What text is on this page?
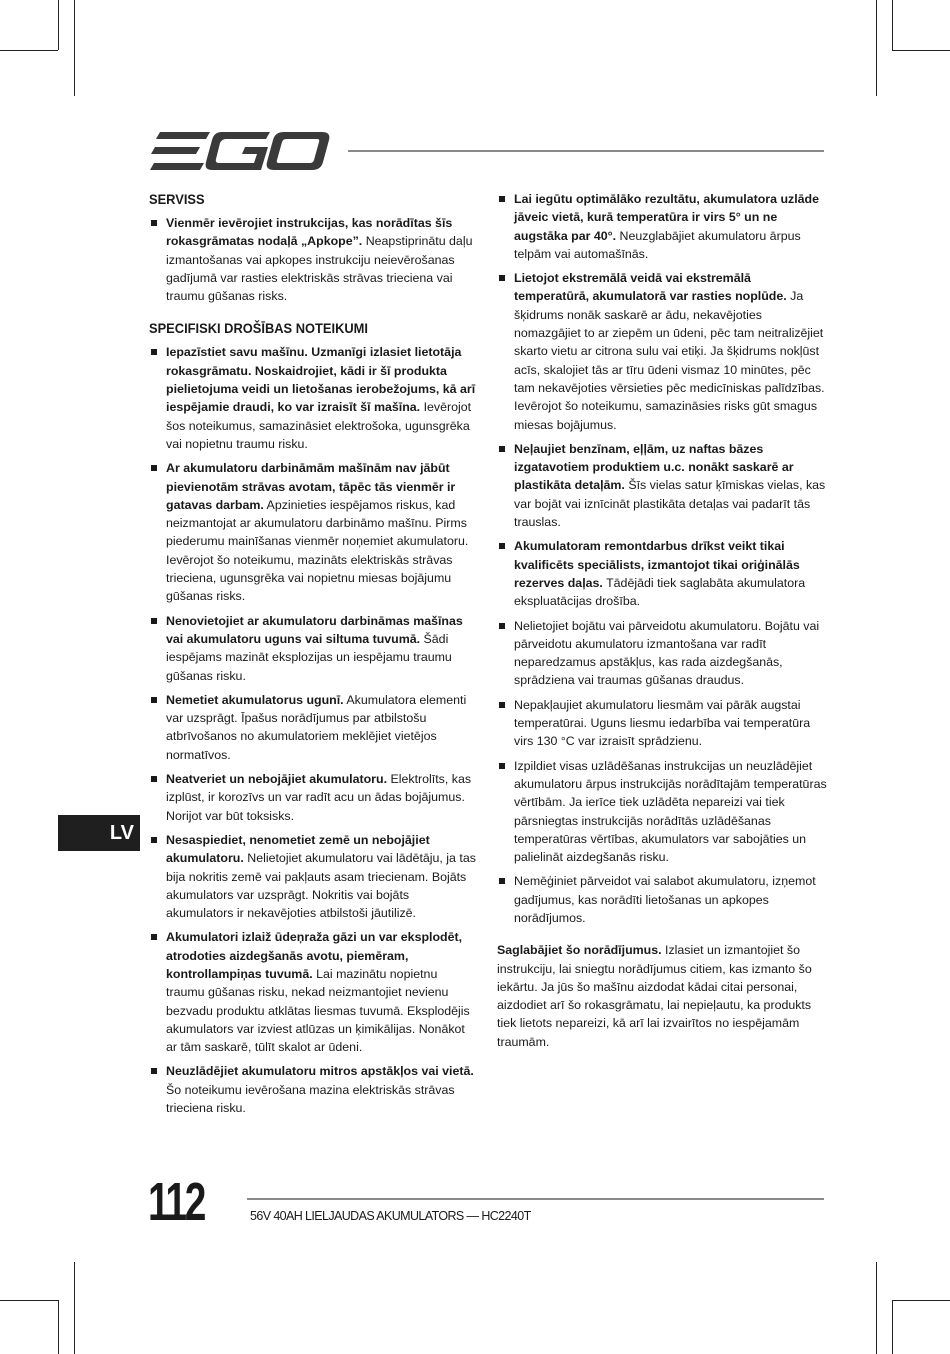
SERVISS
Vienmēr ievērojiet instrukcijas, kas norādītas šīs rokasgrāmatas nodaļā „Apkope”. Neapstiprinātu daļu izmantošanas vai apkopes instrukciju neievērošanas gadījumā var rasties elektriskās strāvas trieciena vai traumu gūšanas risks.
SPECIFISKI DROŠĪBAS NOTEIKUMI
Iepazīstiet savu mašīnu. Uzmanīgi izlasiet lietotāja rokasgrāmatu. Noskaidrojiet, kādi ir šī produkta pielietojuma veidi un lietošanas ierobežojums, kā arī iespējamie draudi, ko var izraisīt šī mašīna. Ievērojot šos noteikumus, samazināsiet elektrošoka, ugunsgrēka vai nopietnu traumu risku.
Ar akumulatoru darbināmām mašīnām nav jābūt pievienotām strāvas avotam, tāpēc tās vienmēr ir gatavas darbam. Apzinieties iespējamos riskus, kad neizmantojat ar akumulatoru darbināmo mašīnu. Pirms piederumu mainīšanas vienmēr noņemiet akumulatoru. Ievērojot šo noteikumu, mazināts elektriskās strāvas trieciena, ugunsgrēka vai nopietnu miesas bojājumu gūšanas risks.
Nenovietojiet ar akumulatoru darbināmas mašīnas vai akumulatoru uguns vai siltuma tuvumā. Šādi iespējams mazināt eksplozijas un iespējamu traumu gūšanas risku.
Nemetiet akumulatorus ugunī. Akumulatora elementi var uzsprāgt. Īpašus norādījumus par atbilstošu atbrīvošanos no akumulatoriem meklējiet vietējos normatīvos.
Neatveriet un nebojājiet akumulatoru. Elektrolīts, kas izplūst, ir korozīvs un var radīt acu un ādas bojājumus. Norijot var būt toksisks.
Nesaspiediet, nenometiet zemē un nebojājiet akumulatoru. Nelietojiet akumulatoru vai lādētāju, ja tas bija nokritis zemē vai pakļauts asam triecienam. Bojāts akumulators var uzsprāgt. Nokritis vai bojāts akumulators ir nekavējoties atbilstoši jāutilizē.
Akumulatori izlaiž ūdeņraža gāzi un var eksplodēt, atrodoties aizdegšanās avotu, piemēram, kontrollampiņas tuvumā. Lai mazinātu nopietnu traumu gūšanas risku, nekad neizmantojiet nevienu bezvadu produktu atklātas liesmas tuvumā. Eksplodējis akumulators var izviest atlūzas un ķimikālijas. Nonākot ar tām saskarē, tūlīt skalot ar ūdeni.
Neuzlādējiet akumulatoru mitros apstākļos vai vietā. Šo noteikumu ievērošana mazina elektriskās strāvas trieciena risku.
Lai iegūtu optimālāko rezultātu, akumulatora uzlāde jāveic vietā, kurā temperatūra ir virs 5° un ne augstāka par 40°. Neuzglabājiet akumulatoru ārpus telpām vai automašīnās.
Lietojot ekstremālā veidā vai ekstremālā temperatūrā, akumulatorā var rasties noplūde. Ja šķidrums nonāk saskarē ar ādu, nekavējoties nomazgājiet to ar ziepēm un ūdeni, pēc tam neitralizējiet skarto vietu ar citrona sulu vai etiķi. Ja šķidrums nokļūst acīs, skalojiet tās ar tīru ūdeni vismaz 10 minūtes, pēc tam nekavējoties vērsieties pēc medicīniskas palīdzības. Ievērojot šo noteikumu, samazināsies risks gūt smagus miesas bojājumus.
Neļaujiet benzīnam, eļļām, uz naftas bāzes izgatavotiem produktiem u.c. nonākt saskarē ar plastikāta detaļām. Šīs vielas satur ķīmiskas vielas, kas var bojāt vai iznīcināt plastikāta detaļas vai padarīt tās trauslas.
Akumulatoram remontdarbus drīkst veikt tikai kvalificēts speciālists, izmantojot tikai oriģinālās rezerves daļas. Tādējādi tiek saglabāta akumulatora ekspluatācijas drošība.
Nelietojiet bojātu vai pārveidotu akumulatoru. Bojātu vai pārveidotu akumulatoru izmantošana var radīt neparedzamus apstākļus, kas rada aizdegšanās, sprādziena vai traumas gūšanas draudus.
Nepakļaujiet akumulatoru liesmām vai pārāk augstai temperatūrai. Uguns liesmu iedarbība vai temperatūra virs 130 °C var izraisīt sprādzienu.
Izpildiet visas uzlādēšanas instrukcijas un neuzlādējiet akumulatoru ārpus instrukcijās norādītajām temperatūras vērtībām. Ja ierīce tiek uzlādēta nepareizi vai tiek pārsniegtas instrukcijās norādītās uzlādēšanas temperatūras vērtības, akumulators var sabojāties un palielināt aizdegšanās risku.
Nemēģiniet pārveidot vai salabot akumulatoru, izņemot gadījumus, kas norādīti lietošanas un apkopes norādījumos.

Saglabājiet šo norādījumus. Izlasiet un izmantojiet šo instrukciju, lai sniegtu norādījumus citiem, kas izmanto šo iekārtu. Ja jūs šo mašīnu aizdodat kādai citai personai, aizdodiet arī šo rokasgrāmatu, lai nepieļautu, ka produkts tiek lietots nepareizi, kā arī lai izvairītos no iespējamām traumām.

LV
112	56V 40AH LIELJAUDAS AKUMULATORS — HC2240T
